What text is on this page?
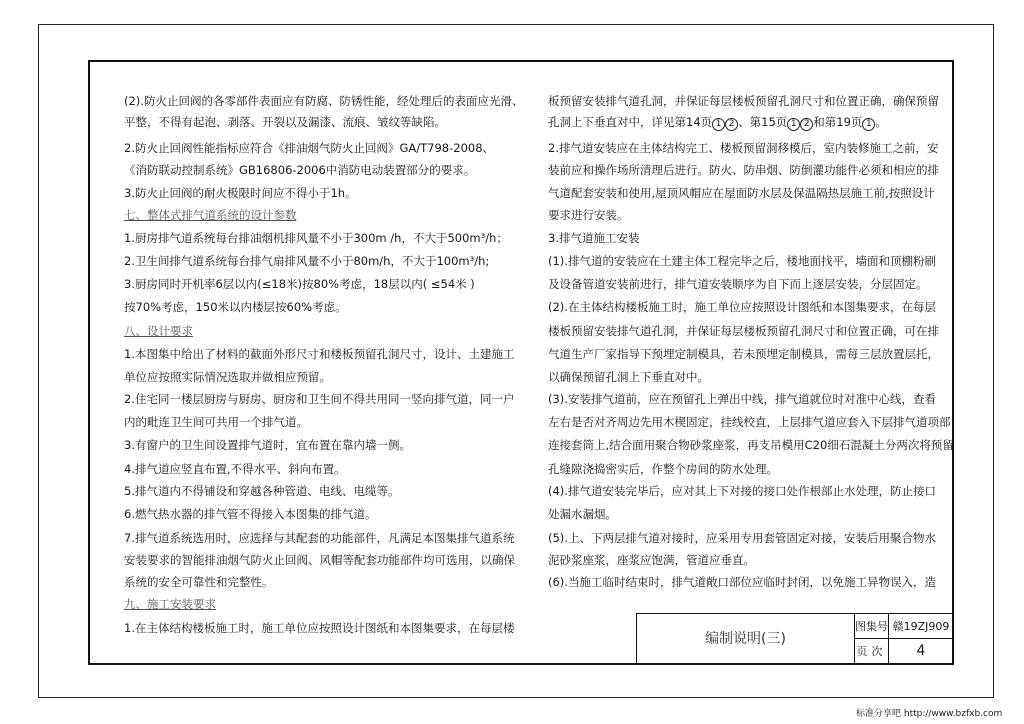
(2).防火止回阀的各零部件表面应有防腐、防锈性能，经处理后的表面应光滑、
平整，不得有起泡、剥落、开裂以及漏漆、流痕、皱纹等缺陷。
2.防火止回阀性能指标应符合《排油烟气防火止回阀》GA/T798-2008、
《消防联动控制系统》GB16806-2006中消防电动装置部分的要求。
3.防火止回阀的耐火极限时间应不得小于1h。
七、整体式排气道系统的设计参数
1.厨房排气道系统每台排油烟机排风量不小于300m /h，不大于500m³/h；
2.卫生间排气道系统每台排气扇排风量不小于80m/h，不大于100m³/h;
3.厨房同时开机率6层以内(≤18米)按80%考虑，18层以内( ≤54米 )
按70%考虑，150米以内楼层按60%考虑。
八、设计要求
1.本图集中给出了材料的截面外形尺寸和楼板预留孔洞尺寸，设计、土建施工
单位应按照实际情况选取并做相应预留。
2.住宅同一楼层厨房与厨房、厨房和卫生间不得共用同一竖向排气道，同一户
内的毗连卫生间可共用一个排气道。
3.有窗户的卫生间设置排气道时，宜布置在靠内墙一侧。
4.排气道应竖直布置,不得水平、斜向布置。
5.排气道内不得铺设和穿越各种管道、电线、电缆等。
6.燃气热水器的排气管不得接入本图集的排气道。
7.排气道系统选用时，应选择与其配套的功能部件，凡满足本图集排气道系统
安装要求的智能排油烟气防火止回阀、风帽等配套功能部件均可选用，以确保
系统的安全可靠性和完整性。
九、施工安装要求
1.在主体结构楼板施工时，施工单位应按照设计图纸和本图集要求，在每层楼
板预留安装排气道孔洞，并保证每层楼板预留孔洞尺寸和位置正确，确保预留
孔洞上下垂直对中，详见第14页 1 2 、第15页 1 2 和第19页 1 。
2.排气道安装应在主体结构完工、楼板预留洞移模后，室内装修施工之前，安
装前应和操作场所清理后进行。防火、防串烟、防倒灌功能件必须和相应的排
气道配套安装和使用,屋顶风帽应在屋面防水层及保温隔热层施工前,按照设计
要求进行安装。
3.排气道施工安装
(1).排气道的安装应在土建主体工程完毕之后，楼地面找平，墙面和顶棚粉刷
及设备管道安装前进行，排气道安装顺序为自下而上逐层安装，分层固定。
(2).在主体结构楼板施工时，施工单位应按照设计图纸和本图集要求，在每层
楼板预留安装排气道孔洞，并保证每层楼板预留孔洞尺寸和位置正确，可在排
气道生产厂家指导下预埋定制模具，若未预埋定制模具，需每三层放置层托，
以确保预留孔洞上下垂直对中。
(3).安装排气道前，应在预留孔上弹出中线，排气道就位时对准中心线，查看
左右是否对齐周边先用木楔固定，挂线校直，上层排气道应套入下层排气道项部
连接套筒上,结合面用聚合物砂浆座浆，再支吊模用C20细石混凝土分两次将预留
孔缝隙浇捣密实后，作整个房间的防水处理。
(4).排气道安装完毕后，应对其上下对接的接口处作根部止水处理，防止接口
处漏水漏烟。
(5).上、下两层排气道对接时，应采用专用套管固定对接，安装后用聚合物水
泥砂浆座浆，座浆应饱满，管道应垂直。
(6).当施工临时结束时，排气道敞口部位应临时封闭，以免施工异物误入，造
编制说明(三)
图集号 赣19ZJ909
页次	4
标准分享吧 http://www.bzfxb.com
